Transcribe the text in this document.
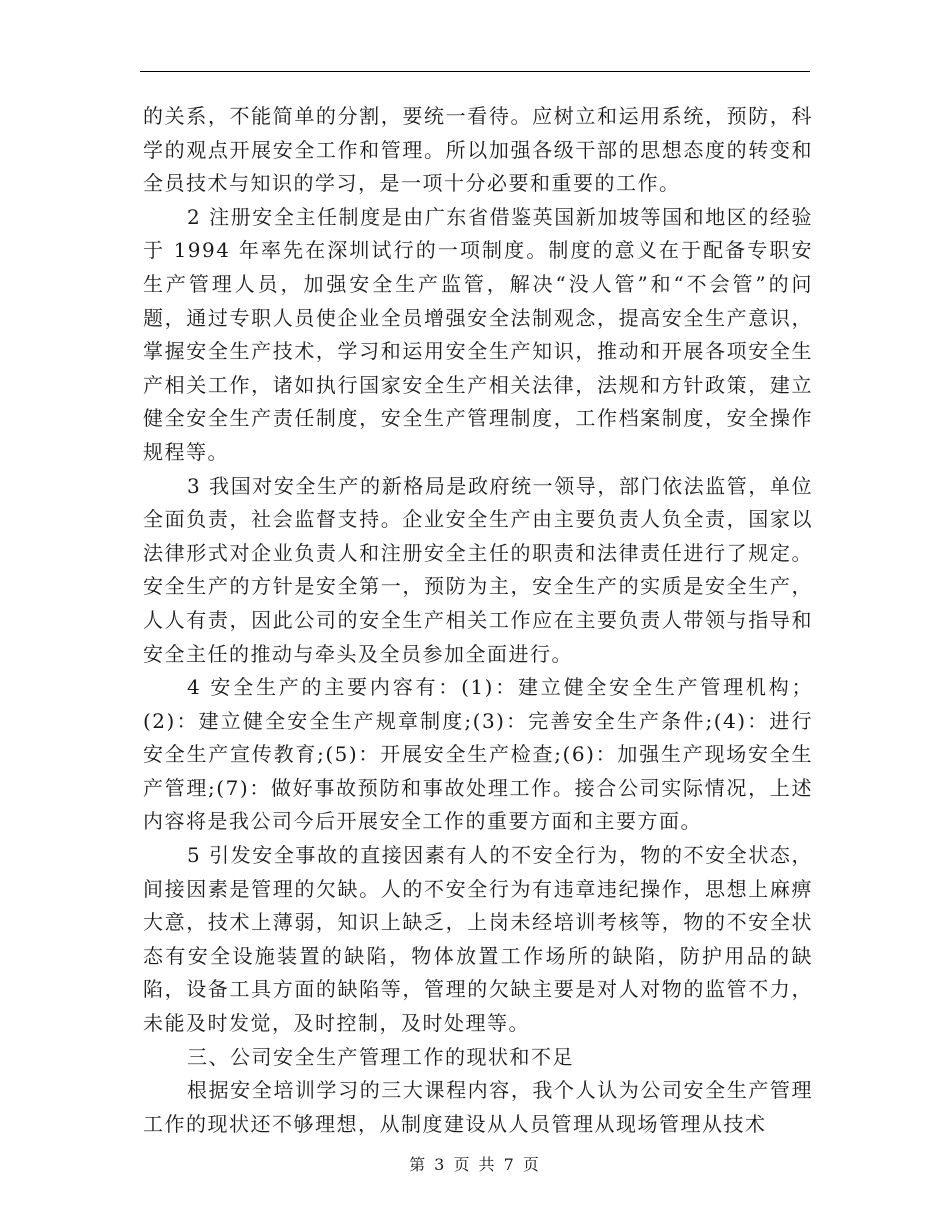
的关系，不能简单的分割，要统一看待。应树立和运用系统，预防，科学的观点开展安全工作和管理。所以加强各级干部的思想态度的转变和全员技术与知识的学习，是一项十分必要和重要的工作。

2 注册安全主任制度是由广东省借鉴英国新加坡等国和地区的经验于 1994 年率先在深圳试行的一项制度。制度的意义在于配备专职安生产管理人员，加强安全生产监管，解决“没人管”和“不会管”的问题，通过专职人员使企业全员增强安全法制观念，提高安全生产意识，掌握安全生产技术，学习和运用安全生产知识，推动和开展各项安全生产相关工作，诸如执行国家安全生产相关法律，法规和方针政策，建立健全安全生产责任制度，安全生产管理制度，工作档案制度，安全操作规程等。

3 我国对安全生产的新格局是政府统一领导，部门依法监管，单位全面负责，社会监督支持。企业安全生产由主要负责人负全责，国家以法律形式对企业负责人和注册安全主任的职责和法律责任进行了规定。安全生产的方针是安全第一，预防为主，安全生产的实质是安全生产，人人有责，因此公司的安全生产相关工作应在主要负责人带领与指导和安全主任的推动与牵头及全员参加全面进行。

4 安全生产的主要内容有：(1)：建立健全安全生产管理机构；(2)：建立健全安全生产规章制度;(3)：完善安全生产条件;(4)：进行安全生产宣传教育;(5)：开展安全生产检查;(6)：加强生产现场安全生产管理;(7)：做好事故预防和事故处理工作。接合公司实际情况，上述内容将是我公司今后开展安全工作的重要方面和主要方面。

5 引发安全事故的直接因素有人的不安全行为，物的不安全状态，间接因素是管理的欠缺。人的不安全行为有违章违纪操作，思想上麻痹大意，技术上薄弱，知识上缺乏，上岗未经培训考核等，物的不安全状态有安全设施装置的缺陷，物体放置工作场所的缺陷，防护用品的缺陷，设备工具方面的缺陷等，管理的欠缺主要是对人对物的监管不力，未能及时发觉，及时控制，及时处理等。

三、公司安全生产管理工作的现状和不足

根据安全培训学习的三大课程内容，我个人认为公司安全生产管理工作的现状还不够理想，从制度建设从人员管理从现场管理从技术

第 3 页 共 7 页
